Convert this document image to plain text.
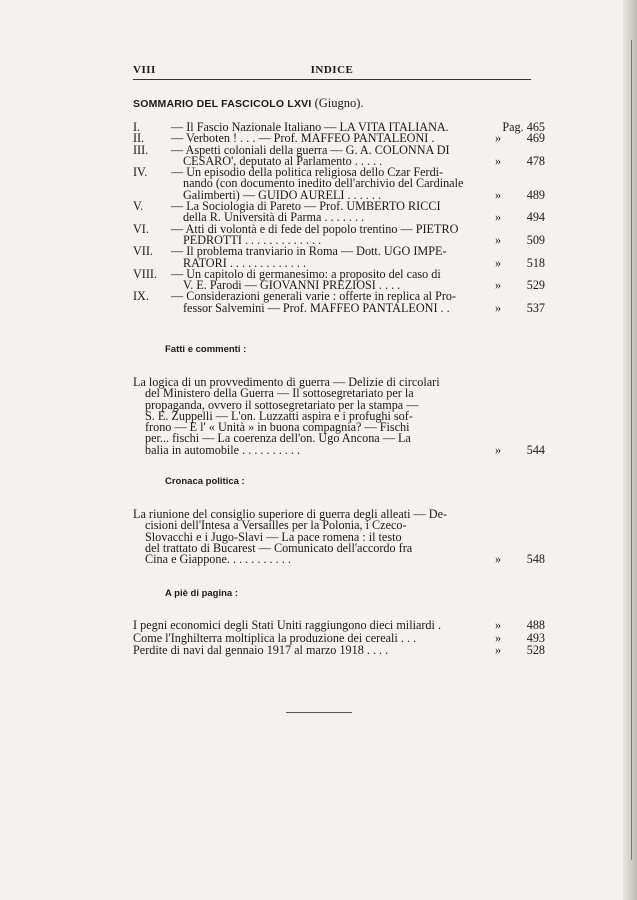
VIII	INDICE
SOMMARIO DEL FASCICOLO LXVI (Giugno).
I.	— Il Fascio Nazionale Italiano — LA VITA ITALIANA.	Pag. 465
II.	— Verboten ! . . . — Prof. MAFFEO PANTALEONI .	» 469
III.	— Aspetti coloniali della guerra — G. A. COLONNA DI
CESARO', deputato al Parlamento . . . . .	» 478
IV.	— Un episodio della politica religiosa dello Czar Ferdi-
nando (con documento inedito dell'archivio del Cardinale
Galimberti) — GUIDO AURELI . . . . . .	» 489
V.	— La Sociologia di Pareto — Prof. UMBERTO RICCI
della R. Università di Parma . . . . . . .	» 494
VI.	— Atti di volontà e di fede del popolo trentino — PIETRO
PEDROTTI . . . . . . . . . . . . .	» 509
VII.	— Il problema tranviario in Roma — Dott. UGO IMPE-
RATORI . . . . . . . . . . . . .	» 518
VIII.	— Un capitolo di germanesimo: a proposito del caso di
V. E. Parodi — GIOVANNI PREZIOSI . . . .	» 529
IX.	— Considerazioni generali varie : offerte in replica al Pro-
fessor Salvemini — Prof. MAFFEO PANTALEONI . .	» 537
Fatti e commenti :
La logica di un provvedimento di guerra — Delizie di circolari
del Ministero della Guerra — Il sottosegretariato per la
propaganda, ovvero il sottosegretariato per la stampa —
S. E. Zuppelli — L'on. Luzzatti aspira e i profughi sof-
frono — E l' « Unità » in buona compagnia? — Fischi
per... fischi — La coerenza dell'on. Ugo Ancona — La
balia in automobile . . . . . . . . . .	» 544
Cronaca politica :
La riunione del consiglio superiore di guerra degli alleati — De-
cisioni dell'Intesa a Versailles per la Polonia, i Czeco-
Slovacchi e i Jugo-Slavi — La pace romena : il testo
del trattato di Bucarest — Comunicato dell'accordo fra
Cina e Giappone. . . . . . . . . . .	» 548
A piè di pagina :
I pegni economici degli Stati Uniti raggiungono dieci miliardi .	» 488
Come l'Inghilterra moltiplica la produzione dei cereali . . .	» 493
Perdite di navi dal gennaio 1917 al marzo 1918 . . . .	» 528
